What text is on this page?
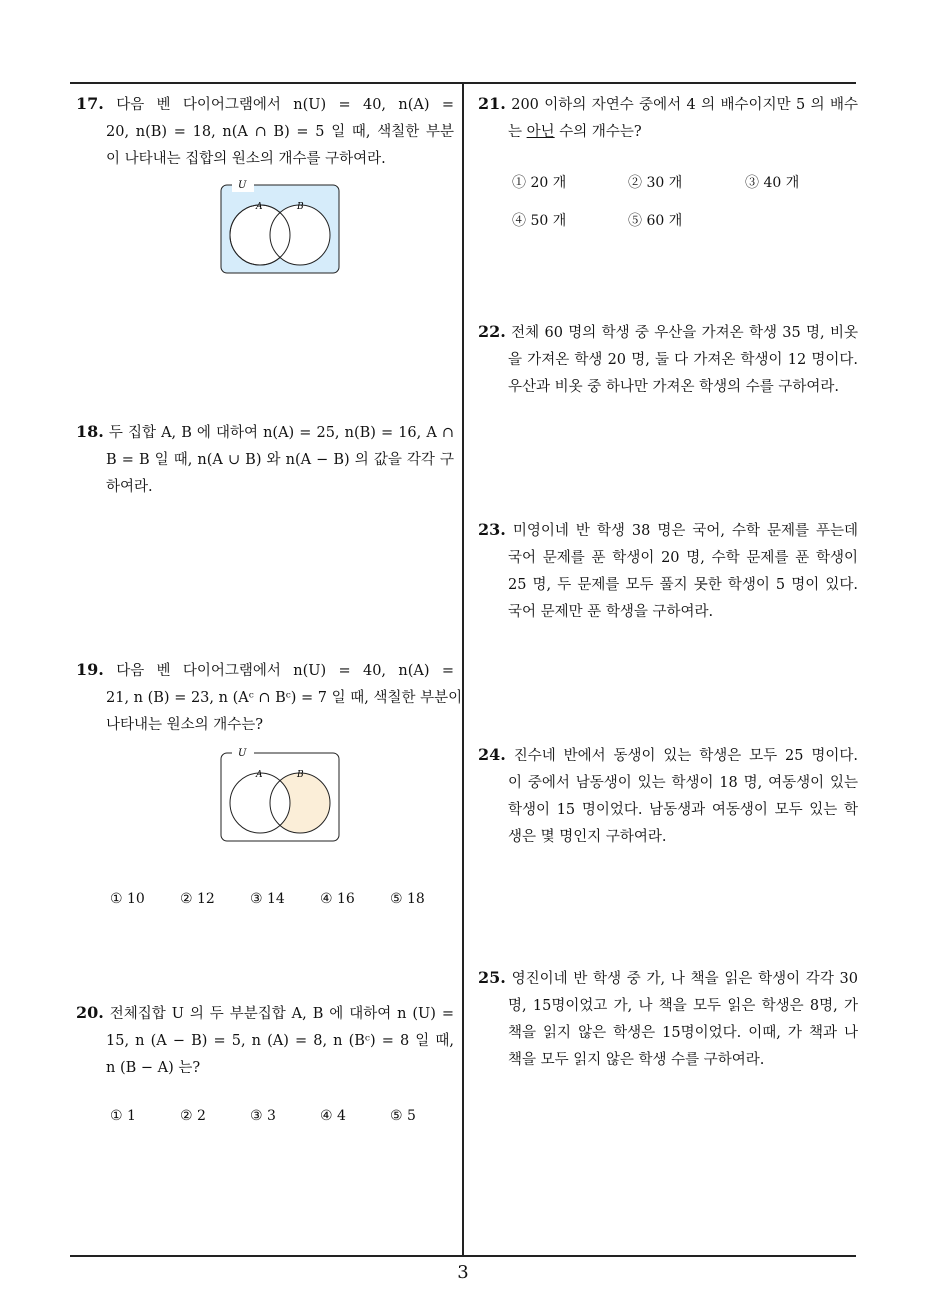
17. 다음 벤 다이어그램에서 n(U) = 40, n(A) =
20, n(B) = 18, n(A ∩ B) = 5 일 때, 색칠한 부분
이 나타내는 집합의 원소의 개수를 구하여라.
U
A	B
18. 두 집합 A, B 에 대하여 n(A) = 25, n(B) = 16, A ∩
B = B 일 때, n(A ∪ B) 와 n(A − B) 의 값을 각각 구
하여라.
19. 다음 벤 다이어그램에서 n(U) = 40, n(A) =
21, n (B) = 23, n (Aᶜ ∩ Bᶜ) = 7 일 때, 색칠한 부분이
나타내는 원소의 개수는?
U
A	B
① 10	② 12	③ 14	④ 16	⑤ 18
20. 전체집합 U 의 두 부분집합 A, B 에 대하여 n (U) =
15, n (A − B) = 5, n (A) = 8, n (Bᶜ) = 8 일 때,
n (B − A) 는?
① 1	② 2	③ 3	④ 4	⑤ 5
21. 200 이하의 자연수 중에서 4 의 배수이지만 5 의 배수
는 아닌 수의 개수는?
① 20 개	② 30 개	③ 40 개
④ 50 개	⑤ 60 개
22. 전체 60 명의 학생 중 우산을 가져온 학생 35 명, 비옷
을 가져온 학생 20 명, 둘 다 가져온 학생이 12 명이다.
우산과 비옷 중 하나만 가져온 학생의 수를 구하여라.
23. 미영이네 반 학생 38 명은 국어, 수학 문제를 푸는데
국어 문제를 푼 학생이 20 명, 수학 문제를 푼 학생이
25 명, 두 문제를 모두 풀지 못한 학생이 5 명이 있다.
국어 문제만 푼 학생을 구하여라.
24. 진수네 반에서 동생이 있는 학생은 모두 25 명이다.
이 중에서 남동생이 있는 학생이 18 명, 여동생이 있는
학생이 15 명이었다. 남동생과 여동생이 모두 있는 학
생은 몇 명인지 구하여라.
25. 영진이네 반 학생 중 가, 나 책을 읽은 학생이 각각 30
명, 15명이었고 가, 나 책을 모두 읽은 학생은 8명, 가
책을 읽지 않은 학생은 15명이었다. 이때, 가 책과 나
책을 모두 읽지 않은 학생 수를 구하여라.
3
